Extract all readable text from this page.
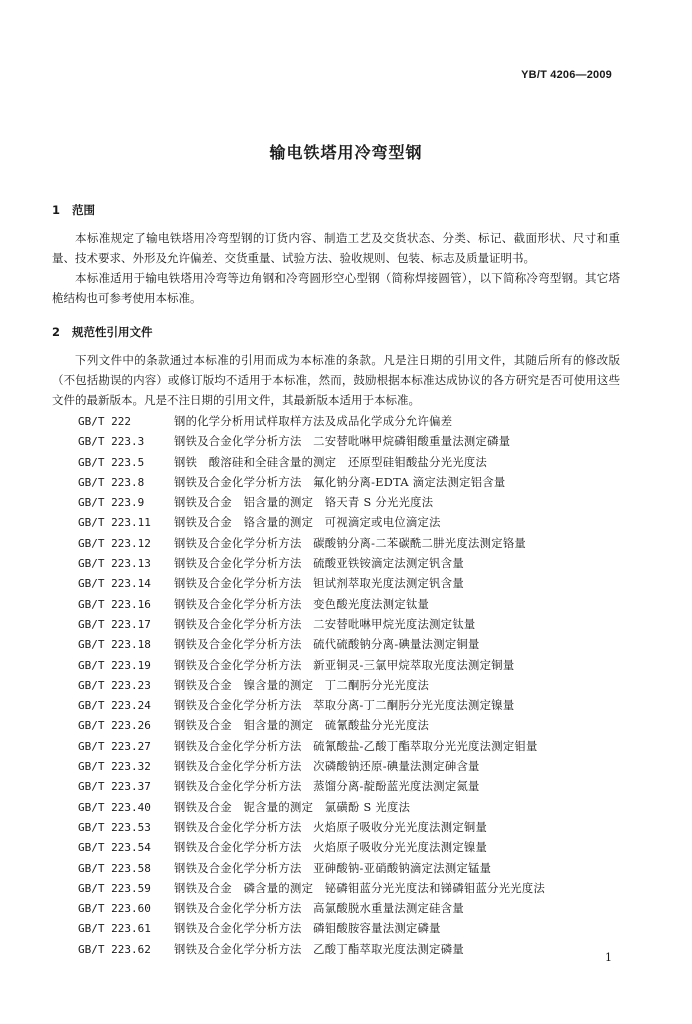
YB/T 4206—2009
输电铁塔用冷弯型钢
1 范围
本标准规定了输电铁塔用冷弯型钢的订货内容、制造工艺及交货状态、分类、标记、截面形状、尺寸和重量、技术要求、外形及允许偏差、交货重量、试验方法、验收规则、包装、标志及质量证明书。
本标准适用于输电铁塔用冷弯等边角钢和冷弯圆形空心型钢（简称焊接圆管），以下简称冷弯型钢。其它塔桅结构也可参考使用本标准。
2 规范性引用文件
下列文件中的条款通过本标准的引用而成为本标准的条款。凡是注日期的引用文件，其随后所有的修改版（不包括勘误的内容）或修订版均不适用于本标准，然而，鼓励根据本标准达成协议的各方研究是否可使用这些文件的最新版本。凡是不注日期的引用文件，其最新版本适用于本标准。
GB/T 222	钢的化学分析用试样取样方法及成品化学成分允许偏差
GB/T 223.3	钢铁及合金化学分析方法　二安替吡啉甲烷磷钼酸重量法测定磷量
GB/T 223.5	钢铁　酸溶硅和全硅含量的测定　还原型硅钼酸盐分光光度法
GB/T 223.8	钢铁及合金化学分析方法　氟化钠分离-EDTA 滴定法测定铝含量
GB/T 223.9	钢铁及合金　铝含量的测定　铬天青 S 分光光度法
GB/T 223.11 钢铁及合金　铬含量的测定　可视滴定或电位滴定法
GB/T 223.12 钢铁及合金化学分析方法　碳酸钠分离-二苯碳酰二肼光度法测定铬量
GB/T 223.13 钢铁及合金化学分析方法　硫酸亚铁铵滴定法测定钒含量
GB/T 223.14 钢铁及合金化学分析方法　钽试剂萃取光度法测定钒含量
GB/T 223.16 钢铁及合金化学分析方法　变色酸光度法测定钛量
GB/T 223.17 钢铁及合金化学分析方法　二安替吡啉甲烷光度法测定钛量
GB/T 223.18 钢铁及合金化学分析方法　硫代硫酸钠分离-碘量法测定铜量
GB/T 223.19 钢铁及合金化学分析方法　新亚铜灵-三氯甲烷萃取光度法测定铜量
GB/T 223.23 钢铁及合金　镍含量的测定　丁二酮肟分光光度法
GB/T 223.24 钢铁及合金化学分析方法　萃取分离-丁二酮肟分光光度法测定镍量
GB/T 223.26 钢铁及合金　钼含量的测定　硫氰酸盐分光光度法
GB/T 223.27 钢铁及合金化学分析方法　硫氰酸盐-乙酸丁酯萃取分光光度法测定钼量
GB/T 223.32 钢铁及合金化学分析方法　次磷酸钠还原-碘量法测定砷含量
GB/T 223.37 钢铁及合金化学分析方法　蒸馏分离-靛酚蓝光度法测定氮量
GB/T 223.40 钢铁及合金　铌含量的测定　氯磺酚 S 光度法
GB/T 223.53 钢铁及合金化学分析方法　火焰原子吸收分光光度法测定铜量
GB/T 223.54 钢铁及合金化学分析方法　火焰原子吸收分光光度法测定镍量
GB/T 223.58 钢铁及合金化学分析方法　亚砷酸钠-亚硝酸钠滴定法测定锰量
GB/T 223.59 钢铁及合金　磷含量的测定　铋磷钼蓝分光光度法和锑磷钼蓝分光光度法
GB/T 223.60 钢铁及合金化学分析方法　高氯酸脱水重量法测定硅含量
GB/T 223.61 钢铁及合金化学分析方法　磷钼酸胺容量法测定磷量
GB/T 223.62 钢铁及合金化学分析方法　乙酸丁酯萃取光度法测定磷量
1
